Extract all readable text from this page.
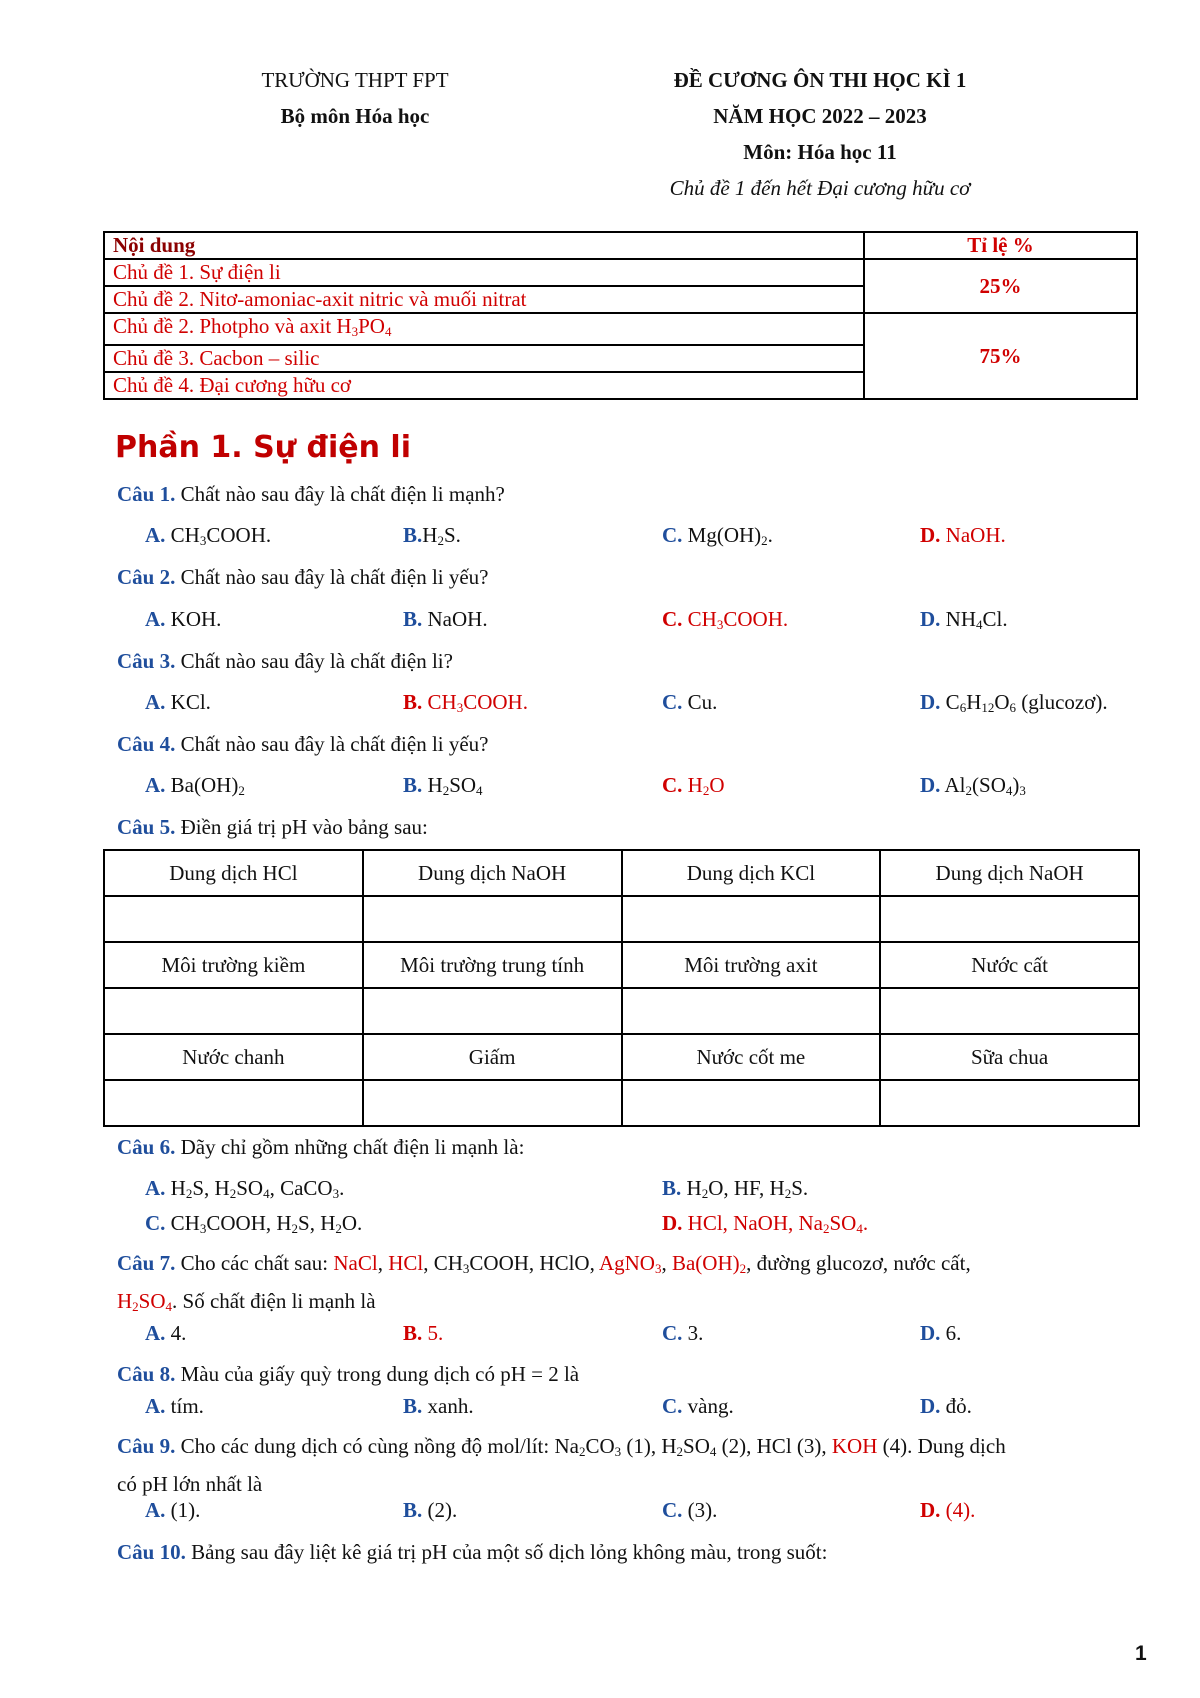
TRƯỜNG THPT FPT
Bộ môn Hóa học
ĐỀ CƯƠNG ÔN THI HỌC KÌ 1
NĂM HỌC 2022 – 2023
Môn: Hóa học 11
Chủ đề 1 đến hết Đại cương hữu cơ
Nội dung	Tỉ lệ %
Chủ đề 1. Sự điện li	25%
Chủ đề 2. Nitơ-amoniac-axit nitric và muối nitrat	
Chủ đề 2. Photpho và axit $H_3PO_4$	75%
Chủ đề 3. Cacbon – silic	
Chủ đề 4. Đại cương hữu cơ	
Phần 1. Sự điện li
Câu 1. Chất nào sau đây là chất điện li mạnh?
A. $CH_3COOH$.	$B.H_2S$.	C. $Mg(OH)_2$.	D. NaOH.
Câu 2. Chất nào sau đây là chất điện li yếu?
A. KOH.	B. NaOH.	C. $CH_3COOH$.	D. $NH_4Cl$.
Câu 3. Chất nào sau đây là chất điện li?
A. KCl.	B. $CH_3COOH$.	C. Cu.	D. $C_6H_{12}O_6$ (glucozơ).
Câu 4. Chất nào sau đây là chất điện li yếu?
A. $Ba(OH)_2$	B. $H_2SO_4$	C. $H_2O$	D. $Al_2(SO_4)_3$
Câu 5. Điền giá trị pH vào bảng sau:
Dung dịch HCl	Dung dịch NaOH	Dung dịch KCl	Dung dịch NaOH

Môi trường kiềm	Môi trường trung tính	Môi trường axit	Nước cất

Nước chanh	Giấm	Nước cốt me	Sữa chua

Câu 6. Dãy chỉ gồm những chất điện li mạnh là:
A. $H_2S$, $H_2SO_4$, CaCO$_3$.	B. $H_2O$, HF, $H_2S$.
C. $CH_3COOH$, $H_2S$, $H_2O$.	D. HCl, NaOH, $Na_2SO_4$.
Câu 7. Cho các chất sau: NaCl, HCl, $CH_3COOH$, HClO, AgNO$_3$, $Ba(OH)_2$, đường glucozơ, nước cất,
$H_2SO_4$. Số chất điện li mạnh là
A. 4.	B. 5.	C. 3.	D. 6.
Câu 8. Màu của giấy quỳ trong dung dịch có pH = 2 là
A. tím.	B. xanh.	C. vàng.	D. đỏ.
Câu 9. Cho các dung dịch có cùng nồng độ mol/lít: $Na_2CO_3$ (1), $H_2SO_4$ (2), HCl (3), KOH (4). Dung dịch
có pH lớn nhất là
A. (1).	B. (2).	C. (3).	D. (4).
Câu 10. Bảng sau đây liệt kê giá trị pH của một số dịch lỏng không màu, trong suốt:
1
